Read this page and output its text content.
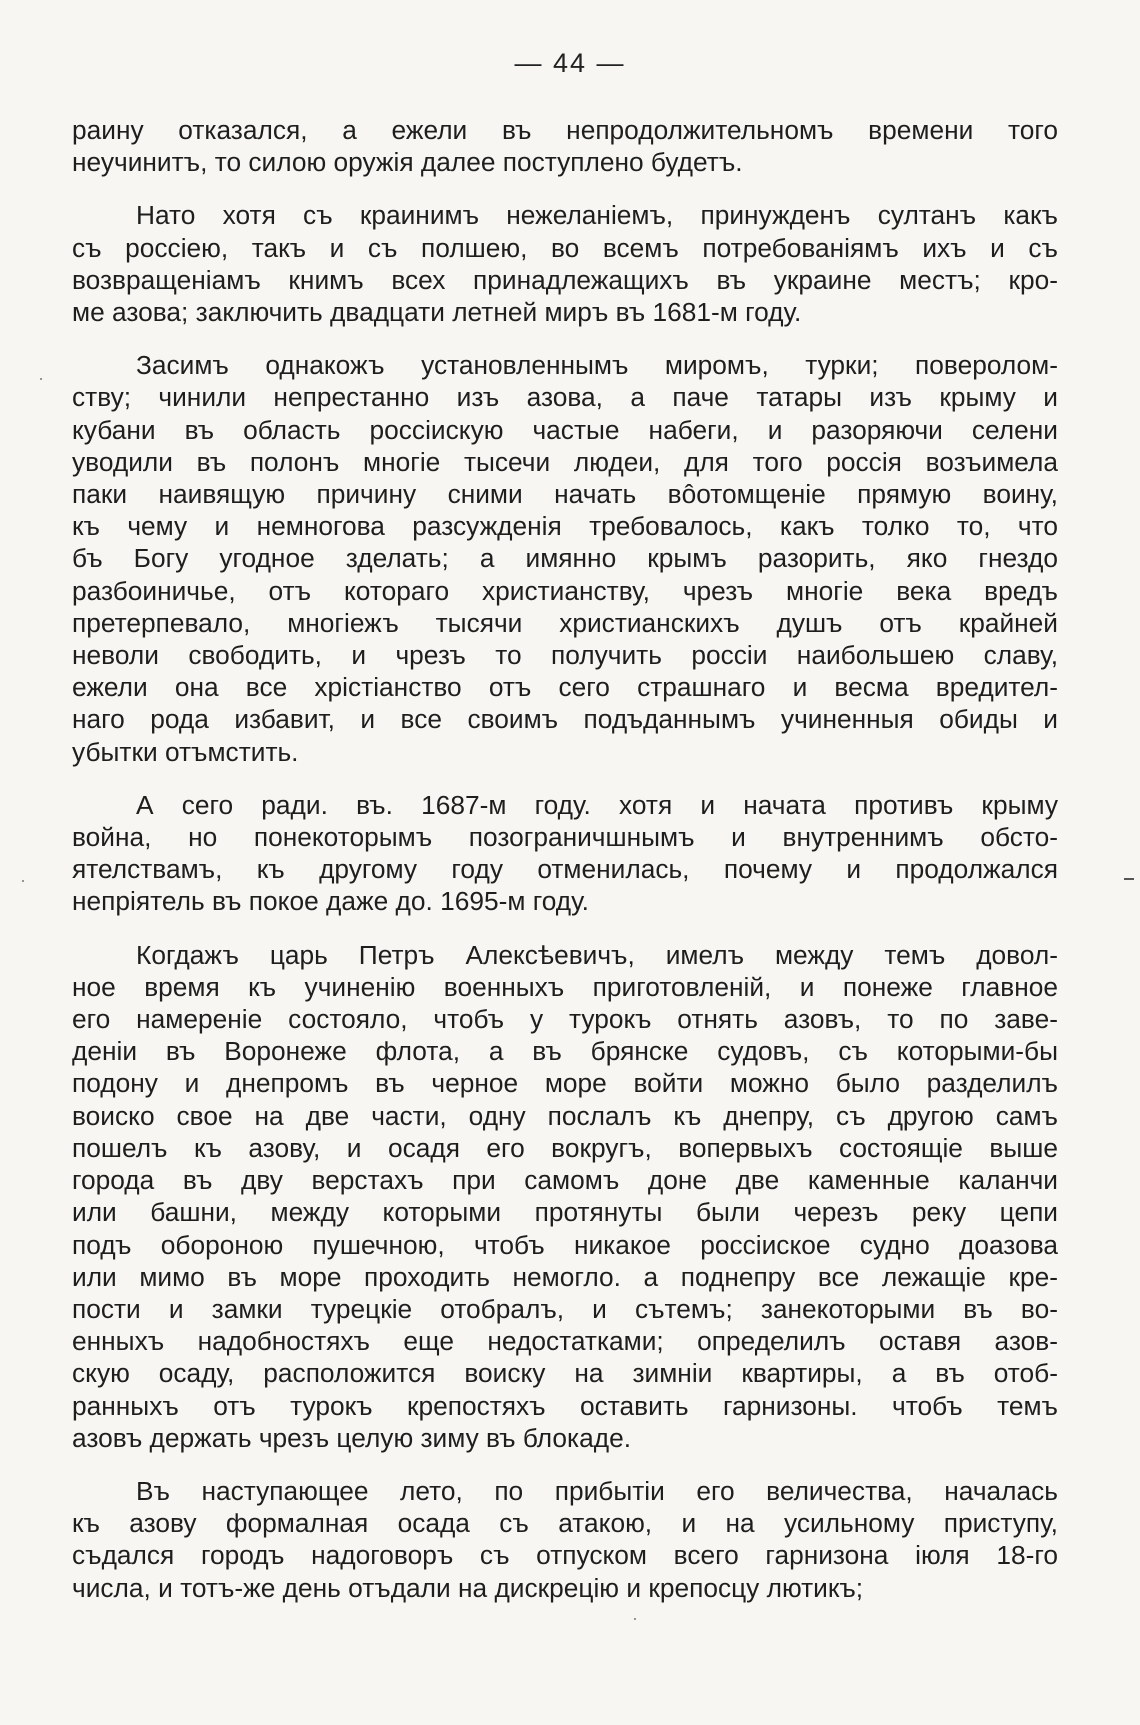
— 44 —

раину отказался, а ежели въ непродолжительномъ времени того
неучинитъ, то силою оружія далее поступлено будетъ.

Нато хотя съ краинимъ нежеланіемъ, принужденъ султанъ какъ
съ россіею, такъ и съ полшею, во всемъ потребованіямъ ихъ и съ
возвращеніамъ книмъ всех принадлежащихъ въ украине местъ; кро-
ме азова; заключить двадцати летней миръ въ 1681-м году.

Засимъ однакожъ установленнымъ миромъ, турки; поверолом-
ству; чинили непрестанно изъ азова, а паче татары изъ крыму и
кубани въ область россіискую частые набеги, и разоряючи селени
уводили въ полонъ многіе тысечи людеи, для того россія возъимела
паки наивящую причину сними начать вôотомщеніе прямую воину,
къ чему и немногова разсужденія требовалось, какъ толко то, что
бъ Богу угодное зделать; а имянно крымъ разорить, яко гнездо
разбоиничье, отъ котораго христианству, чрезъ многіе века вредъ
претерпевало, многіежъ тысячи христианскихъ душъ отъ крайней
неволи свободить, и чрезъ то получить россіи наибольшею славу,
ежели она все хрістіанство отъ сего страшнаго и весма вредител-
наго рода избавит, и все своимъ подъданнымъ учиненныя обиды и
убытки отъмстить.

А сего ради. въ. 1687-м году. хотя и начата противъ крыму
война, но понекоторымъ позограничшнымъ и внутреннимъ обсто-
ятелствамъ, къ другому году отменилась, почему и продолжался
непріятель въ покое даже до. 1695-м году.

Когдажъ царь Петръ Алексѣевичъ, имелъ между темъ довол-
ное время къ учиненію военныхъ приготовленій, и понеже главное
его намереніе состояло, чтобъ у турокъ отнять азовъ, то по заве-
деніи въ Воронеже флота, а въ брянске судовъ, съ которыми-бы
подону и днепромъ въ черное море войти можно было разделилъ
воиско свое на две части, одну послалъ къ днепру, съ другою самъ
пошелъ къ азову, и осадя его вокругъ, вопервыхъ состоящіе выше
города въ дву верстахъ при самомъ доне две каменные каланчи
или башни, между которыми протянуты были черезъ реку цепи
подъ обороною пушечною, чтобъ никакое россіиское судно доазова
или мимо въ море проходить немогло. а поднепру все лежащіе кре-
пости и замки турецкіе отобралъ, и сътемъ; занекоторыми въ во-
енныхъ надобностяхъ еще недостатками; определилъ оставя азов-
скую осаду, расположится воиску на зимніи квартиры, а въ отоб-
ранныхъ отъ турокъ крепостяхъ оставить гарнизоны. чтобъ темъ
азовъ держать чрезъ целую зиму въ блокаде.

Въ наступающее лето, по прибытіи его величества, началась
къ азову формалная осада съ атакою, и на усильному приступу,
съдался городъ надоговоръ съ отпуском всего гарнизона іюля 18-го
числа, и тотъ-же день отъдали на дискрецію и крепосцу лютикъ;
